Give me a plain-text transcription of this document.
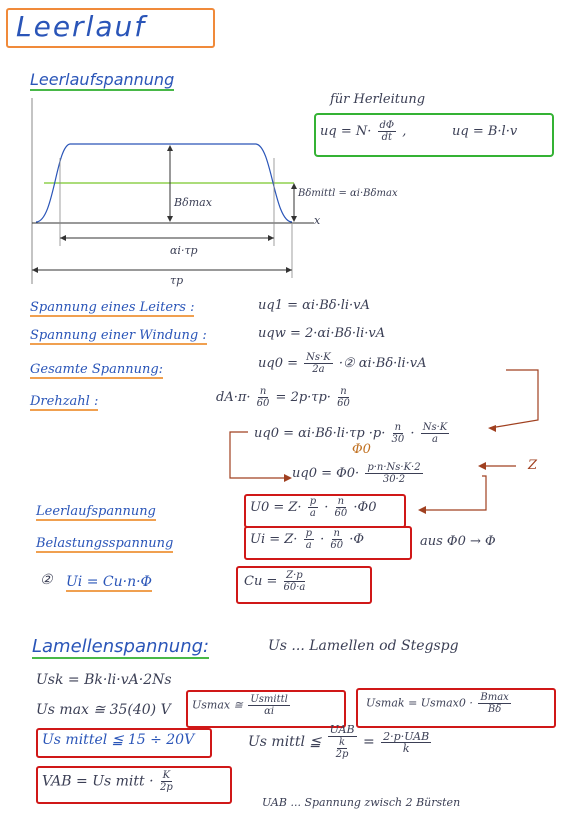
Leerlauf
Leerlaufspannung
für Herleitung
uq = $N\cdot \frac{d\Phi}{dt}$ ,	uq = B·l·v
Bδmax
Bδmittl = αi·Bδmax
x
αi·τp
τp
Spannung eines Leiters :	uq1 = αi·Bδ·li·vA
Spannung einer Windung :	uqw = 2·αi·Bδ·li·vA
Gesamte Spannung:	$uq0 = \frac{Ns\cdot K}{2a}$ ·② αi·Bδ·li·vA
Drehzahl :	$dA\cdot\pi\cdot \frac{n}{60} = 2p\cdot\tau p\cdot \frac{n}{60}$
$uq0 = \alpha i\cdot B\delta\cdot li\cdot\tau p \cdot p\cdot \frac{n}{30} \cdot \frac{Ns\cdot K}{a}$
Φ0
$uq0 = \Phi 0\cdot \frac{p\cdot n\cdot Ns\cdot K\cdot 2}{30\cdot 2}$	Z
Leerlaufspannung	$U0 = Z\cdot \frac{p}{a} \cdot \frac{n}{60} \cdot\Phi 0$
Belastungsspannung	$Ui = Z\cdot \frac{p}{a} \cdot \frac{n}{60} \cdot\Phi$	aus Φ0 → Φ
② Ui = Cu·n·Φ	$Cu = \frac{Z\cdot p}{60\cdot a}$
Lamellenspannung:	Us ... Lamellen od Stegspg
Usk = Bk·li·vA·2Ns
Us max ≅ 35(40) V Usmax ≅ $\frac{\text{Usmittl}}{\alpha i}$	Usmak = $Usmax0 \cdot \frac{Bmax}{B\delta}$
Us mittel ≦ 15 ÷ 20V	Us mittl ≦ $\frac{\text{UAB}}{\frac{k}{2p}} = \frac{\text{2·p·UAB}}{k}$
VAB = Us mitt · $\frac{K}{2p}$
UAB ... Spannung zwisch 2 Bürsten
